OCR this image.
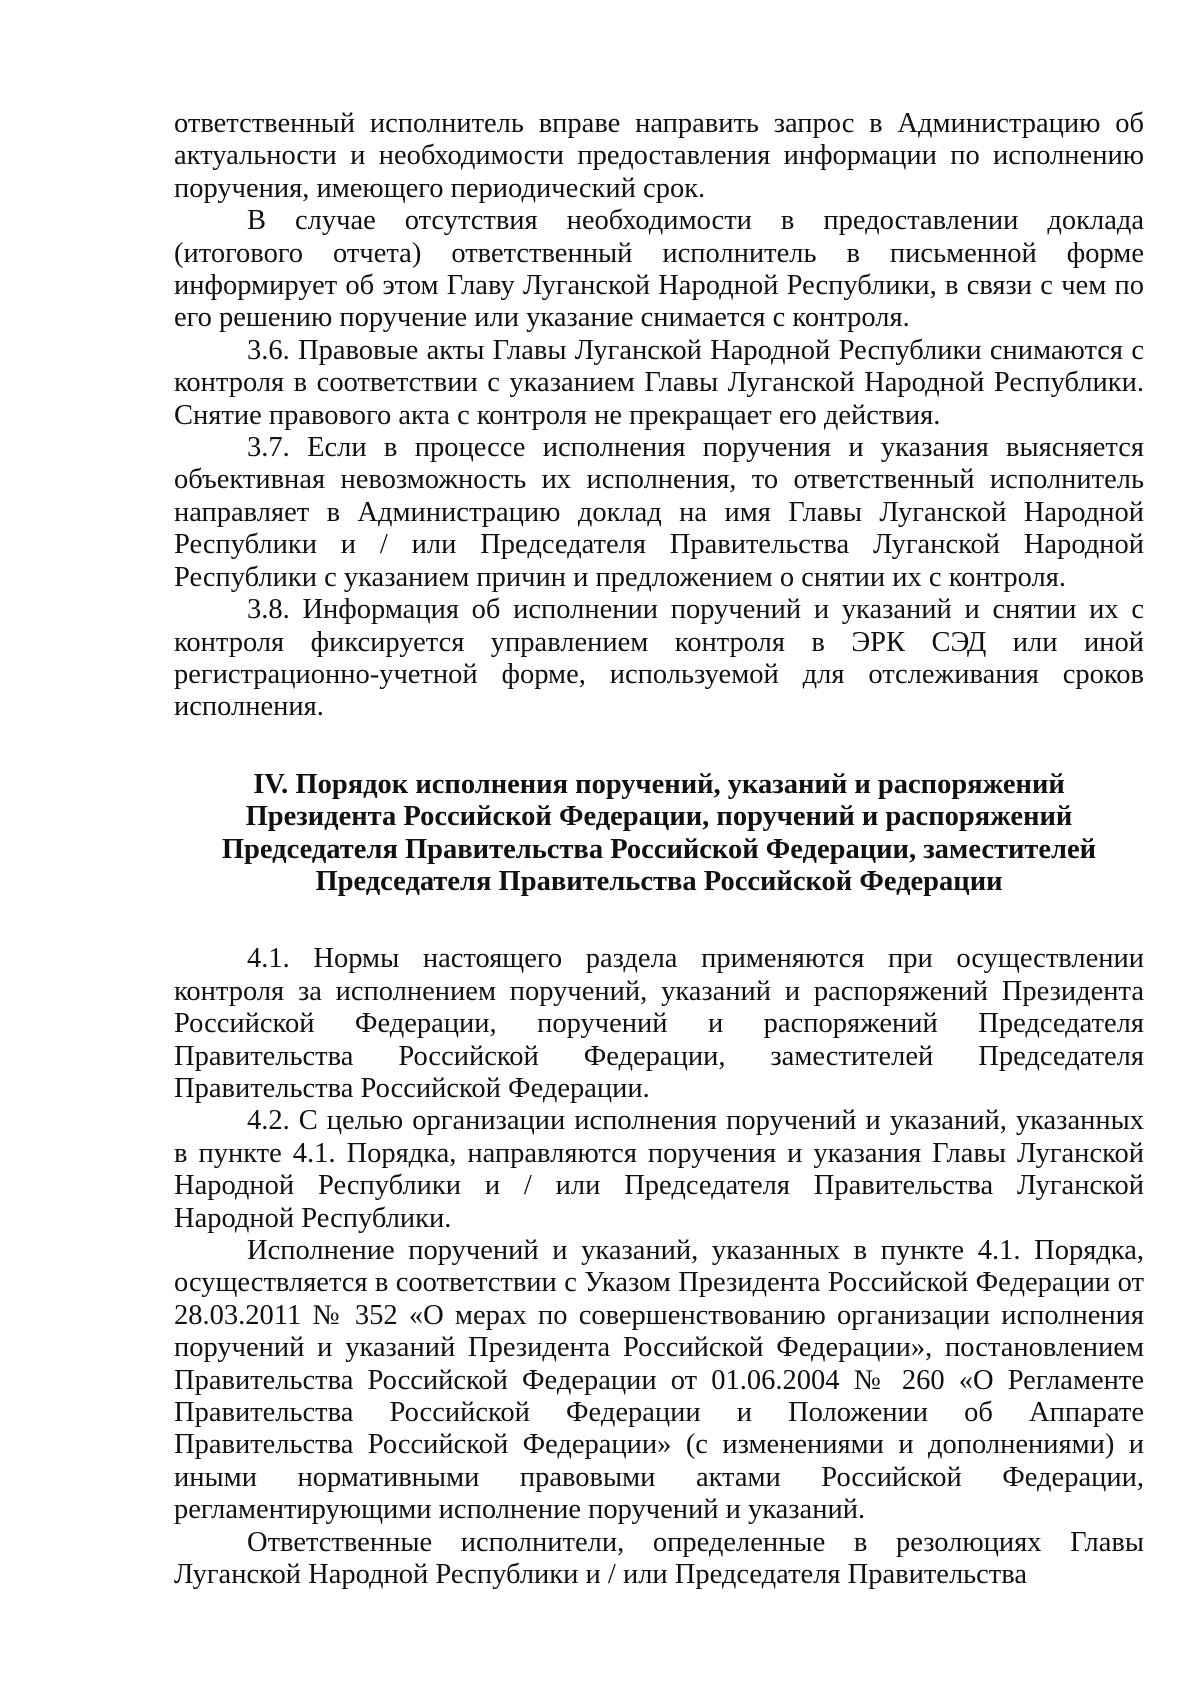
ответственный исполнитель вправе направить запрос в Администрацию об актуальности и необходимости предоставления информации по исполнению поручения, имеющего периодический срок.

В случае отсутствия необходимости в предоставлении доклада (итогового отчета) ответственный исполнитель в письменной форме информирует об этом Главу Луганской Народной Республики, в связи с чем по его решению поручение или указание снимается с контроля.

3.6. Правовые акты Главы Луганской Народной Республики снимаются с контроля в соответствии с указанием Главы Луганской Народной Республики. Снятие правового акта с контроля не прекращает его действия.

3.7. Если в процессе исполнения поручения и указания выясняется объективная невозможность их исполнения, то ответственный исполнитель направляет в Администрацию доклад на имя Главы Луганской Народной Республики и / или Председателя Правительства Луганской Народной Республики с указанием причин и предложением о снятии их с контроля.

3.8. Информация об исполнении поручений и указаний и снятии их с контроля фиксируется управлением контроля в ЭРК СЭД или иной регистрационно-учетной форме, используемой для отслеживания сроков исполнения.

IV. Порядок исполнения поручений, указаний и распоряжений
Президента Российской Федерации, поручений и распоряжений
Председателя Правительства Российской Федерации, заместителей
Председателя Правительства Российской Федерации

4.1. Нормы настоящего раздела применяются при осуществлении контроля за исполнением поручений, указаний и распоряжений Президента Российской Федерации, поручений и распоряжений Председателя Правительства Российской Федерации, заместителей Председателя Правительства Российской Федерации.

4.2. С целью организации исполнения поручений и указаний, указанных в пункте 4.1. Порядка, направляются поручения и указания Главы Луганской Народной Республики и / или Председателя Правительства Луганской Народной Республики.

Исполнение поручений и указаний, указанных в пункте 4.1. Порядка, осуществляется в соответствии с Указом Президента Российской Федерации от 28.03.2011 № 352 «О мерах по совершенствованию организации исполнения поручений и указаний Президента Российской Федерации», постановлением Правительства Российской Федерации от 01.06.2004 № 260 «О Регламенте Правительства Российской Федерации и Положении об Аппарате Правительства Российской Федерации» (с изменениями и дополнениями) и иными нормативными правовыми актами Российской Федерации, регламентирующими исполнение поручений и указаний.

Ответственные исполнители, определенные в резолюциях Главы Луганской Народной Республики и / или Председателя Правительства
